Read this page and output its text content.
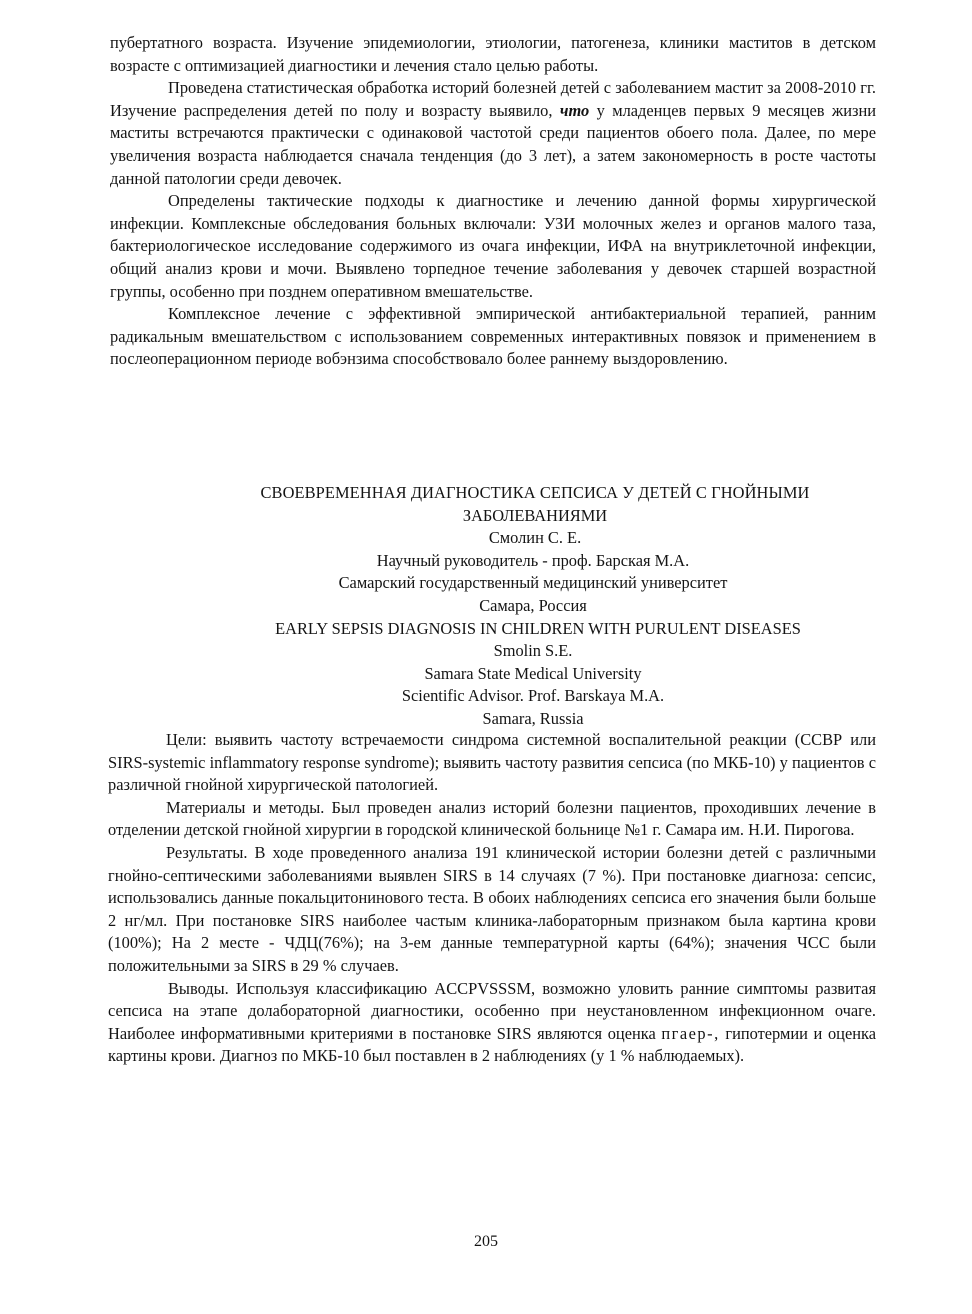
пубертатного возраста. Изучение эпидемиологии, этиологии, патогенеза, клиники маститов в детском возрасте с оптимизацией диагностики и лечения стало целью работы.

Проведена статистическая обработка историй болезней детей с заболеванием мастит за 2008-2010 гг. Изучение распределения детей по полу и возрасту выявило, что у младенцев первых 9 месяцев жизни маститы встречаются практически с одинаковой частотой среди пациентов обоего пола. Далее, по мере увеличения возраста наблюдается сначала тенденция (до 3 лет), а затем закономерность в росте частоты данной патологии среди девочек.

Определены тактические подходы к диагностике и лечению данной формы хирургической инфекции. Комплексные обследования больных включали: УЗИ молочных желез и органов малого таза, бактериологическое исследование содержимого из очага инфекции, ИФА на внутриклеточной инфекции, общий анализ крови и мочи. Выявлено торпедное течение заболевания у девочек старшей возрастной группы, особенно при позднем оперативном вмешательстве.

Комплексное лечение с эффективной эмпирической антибактериальной терапией, ранним радикальным вмешательством с использованием современных интерактивных повязок и применением в послеоперационном периоде вобэнзима способствовало более раннему выздоровлению.

СВОЕВРЕМЕННАЯ ДИАГНОСТИКА СЕПСИСА У ДЕТЕЙ С ГНОЙНЫМИ
ЗАБОЛЕВАНИЯМИ
Смолин С. Е.
Научный руководитель - проф. Барская М.А.
Самарский государственный медицинский университет
Самара, Россия
EARLY SEPSIS DIAGNOSIS IN CHILDREN WITH PURULENT DISEASES
Smolin S.E.
Samara State Medical University
Scientific Advisor. Prof. Barskaya M.A.
Samara, Russia

Цели: выявить частоту встречаемости синдрома системной воспалительной реакции (ССВР или SIRS-systemic inflammatory response syndrome); выявить частоту развития сепсиса (по МКБ-10) у пациентов с различной гнойной хирургической патологией.

Материалы и методы. Был проведен анализ историй болезни пациентов, проходивших лечение в отделении детской гнойной хирургии в городской клинической больнице №1 г. Самара им. Н.И. Пирогова.

Результаты. В ходе проведенного анализа 191 клинической истории болезни детей с различными гнойно-септическими заболеваниями выявлен SIRS в 14 случаях (7 %). При постановке диагноза: сепсис, использовались данные покальцитонинового теста. В обоих наблюдениях сепсиса его значения были больше 2 нг/мл. При постановке SIRS наиболее частым клиника-лабораторным признаком была картина крови (100%); На 2 месте - ЧДЦ(76%); на 3-ем данные температурной карты (64%); значения ЧСС были положительными за SIRS в 29 % случаев.

Выводы. Используя классификацию ACCPVSSSM, возможно уловить ранние симптомы развитая сепсиса на этапе долабораторной диагностики, особенно при неустановленном инфекционном очаге. Наиболее информативными критериями в постановке SIRS являются оценка пгаер-, гипотермии и оценка картины крови. Диагноз по МКБ-10 был поставлен в 2 наблюдениях (у 1 % наблюдаемых).

205
